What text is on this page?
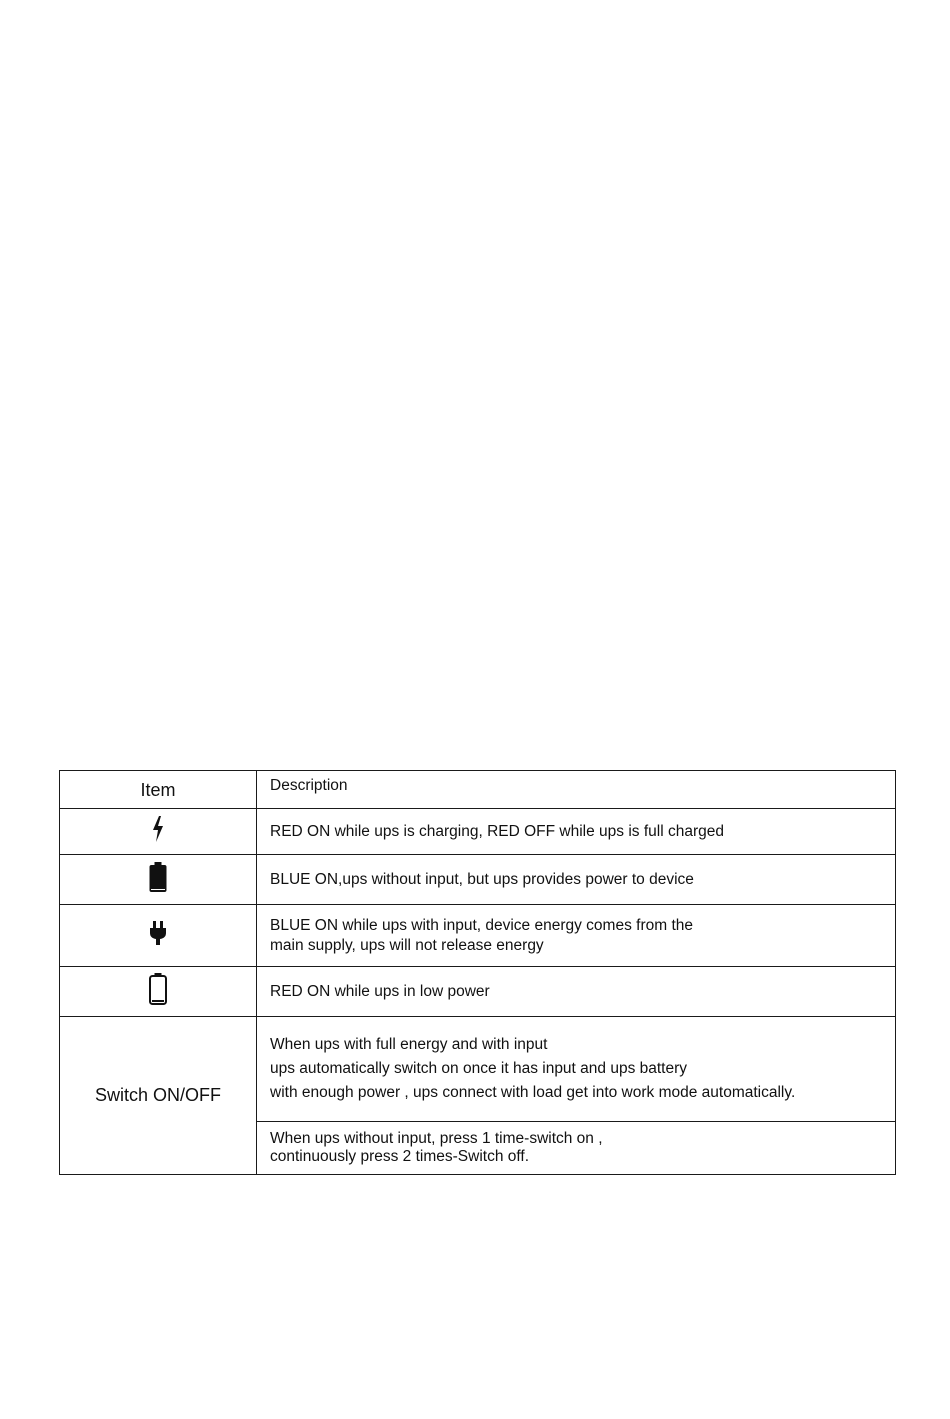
Item	Description

RED ON while ups is charging, RED OFF while ups is full charged

BLUE ON,ups without input, but ups provides power to device

BLUE ON while ups with input, device energy comes from the
main supply, ups will not release energy

RED ON while ups in low power

Switch ON/OFF	When ups with full energy and with input
ups automatically switch on once it has input and ups battery
with enough power , ups connect with load get into work mode automatically.

	When ups without input, press 1 time-switch on ,
continuously press 2 times-Switch off.
